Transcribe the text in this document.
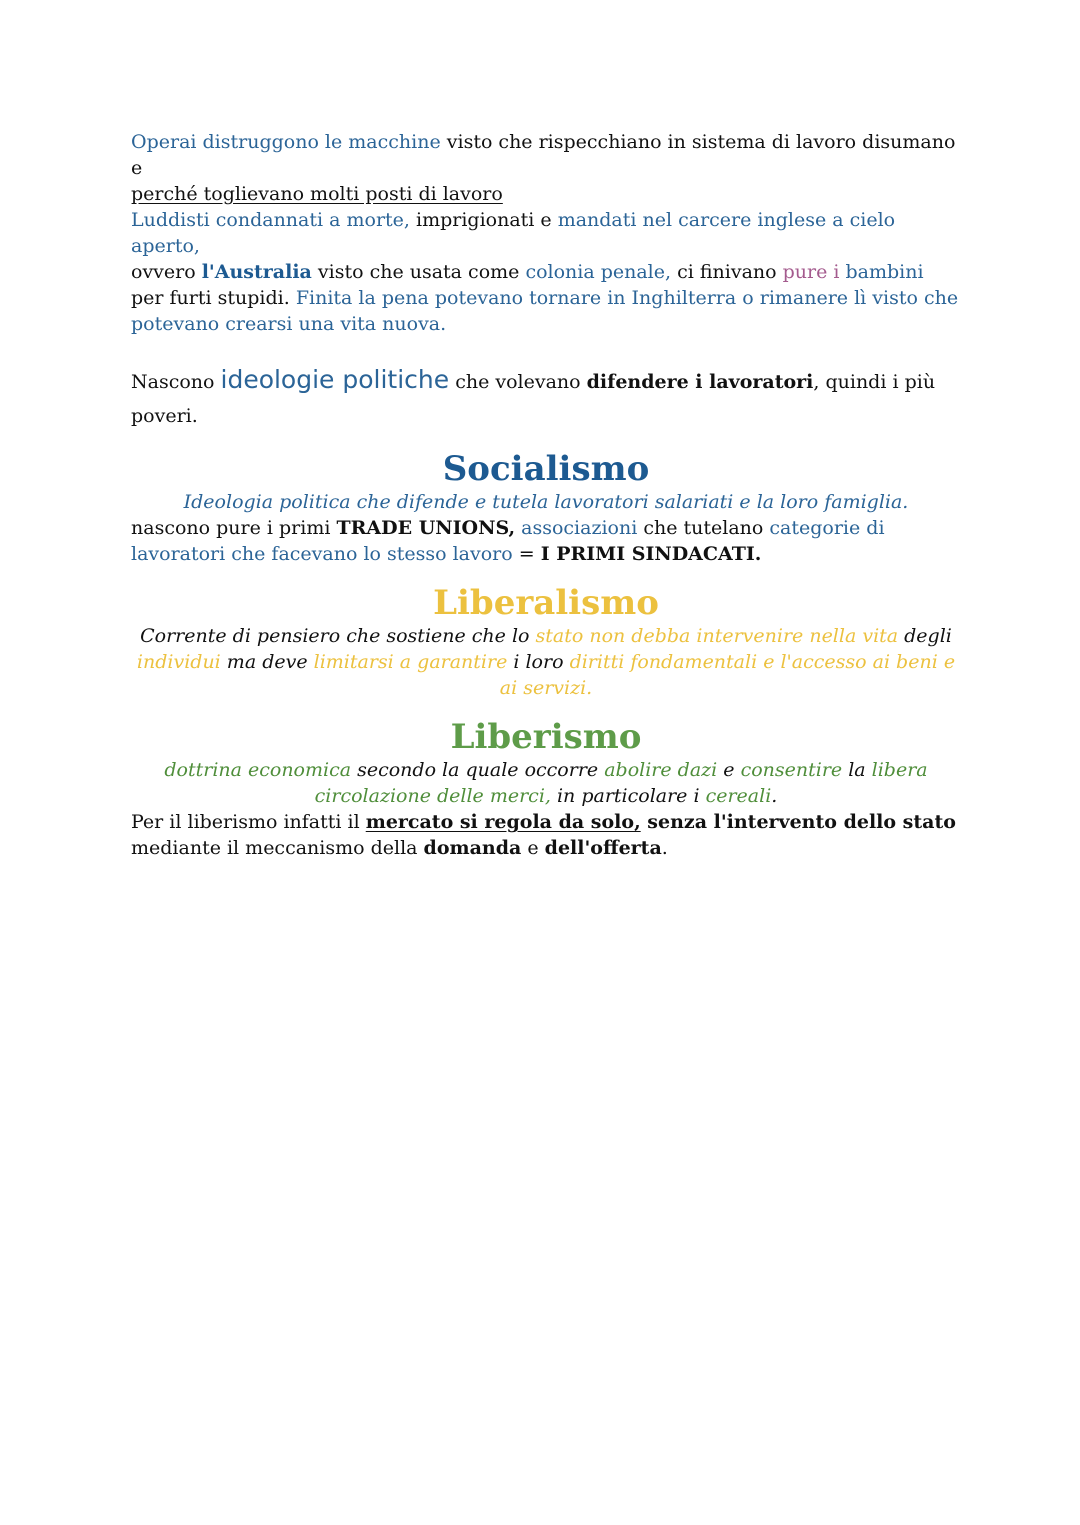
Operai distruggono le macchine visto che rispecchiano in sistema di lavoro disumano e
perché toglievano molti posti di lavoro

Luddisti condannati a morte, imprigionati e mandati nel carcere inglese a cielo aperto,
ovvero l'Australia visto che usata come colonia penale, ci finivano pure i bambini per furti stupidi. Finita la pena potevano tornare in Inghilterra o rimanere lì visto che potevano crearsi una vita nuova.

Nascono ideologie politiche che volevano difendere i lavoratori, quindi i più poveri.

Socialismo

Ideologia politica che difende e tutela lavoratori salariati e la loro famiglia.

nascono pure i primi TRADE UNIONS, associazioni che tutelano categorie di lavoratori che facevano lo stesso lavoro = I PRIMI SINDACATI.

Liberalismo

Corrente di pensiero che sostiene che lo stato non debba intervenire nella vita degli individui ma deve limitarsi a garantire i loro diritti fondamentali e l'accesso ai beni e ai servizi.

Liberismo

dottrina economica secondo la quale occorre abolire dazi e consentire la libera circolazione delle merci, in particolare i cereali.

Per il liberismo infatti il mercato si regola da solo, senza l'intervento dello stato mediante il meccanismo della domanda e dell'offerta.
